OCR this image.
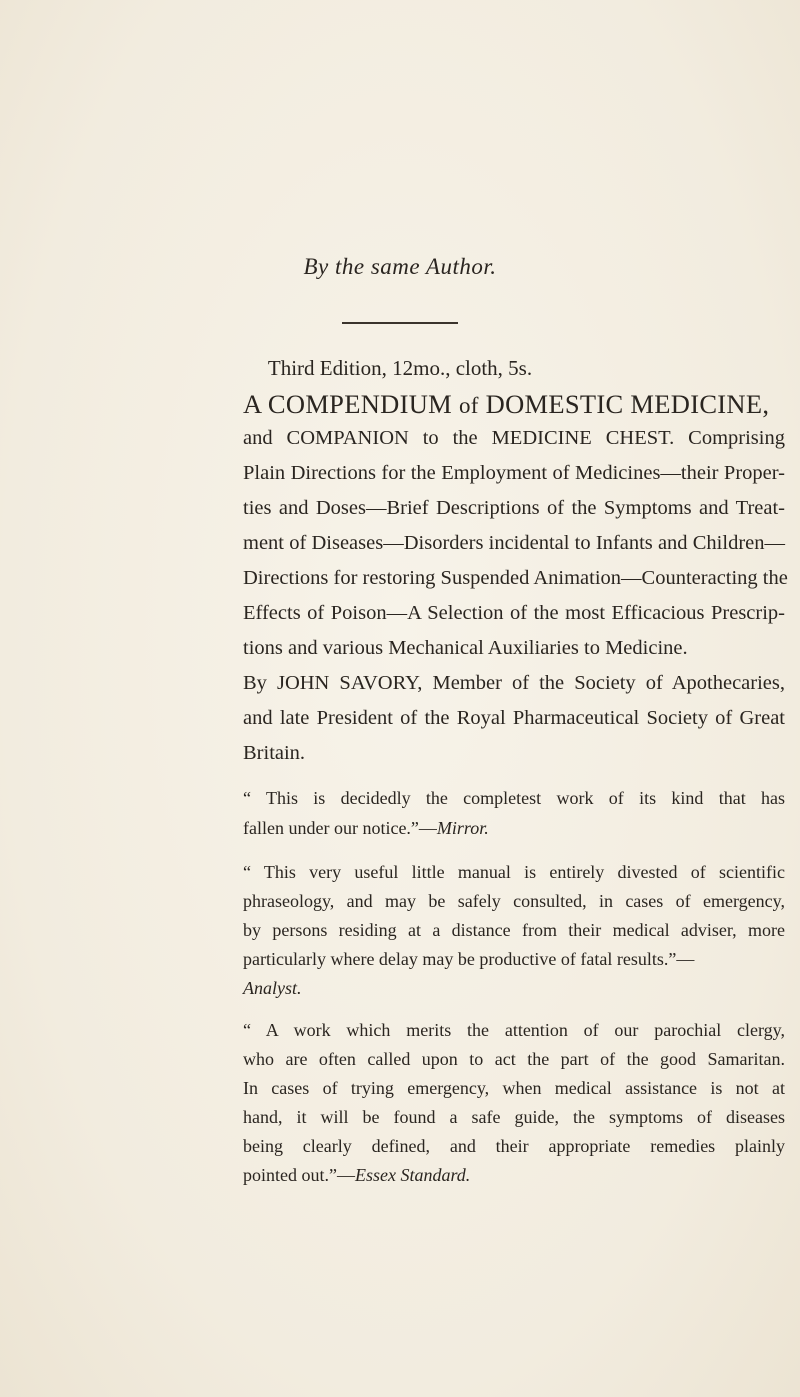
By the same Author.
Third Edition, 12mo., cloth, 5s.
A COMPENDIUM of DOMESTIC MEDICINE,
and COMPANION to the MEDICINE CHEST. Comprising
Plain Directions for the Employment of Medicines—their Proper-
ties and Doses—Brief Descriptions of the Symptoms and Treat-
ment of Diseases—Disorders incidental to Infants and Children—
Directions for restoring Suspended Animation—Counteracting the
Effects of Poison—A Selection of the most Efficacious Prescrip-
tions and various Mechanical Auxiliaries to Medicine.
By JOHN SAVORY, Member of the Society of Apothecaries,
and late President of the Royal Pharmaceutical Society of Great
Britain.
“ This is decidedly the completest work of its kind that has
fallen under our notice.”—Mirror.
“ This very useful little manual is entirely divested of scientific
phraseology, and may be safely consulted, in cases of emergency,
by persons residing at a distance from their medical adviser, more
particularly where delay may be productive of fatal results.”—
Analyst.
“ A work which merits the attention of our parochial clergy,
who are often called upon to act the part of the good Samaritan.
In cases of trying emergency, when medical assistance is not at
hand, it will be found a safe guide, the symptoms of diseases
being clearly defined, and their appropriate remedies plainly
pointed out.”—Essex Standard.
